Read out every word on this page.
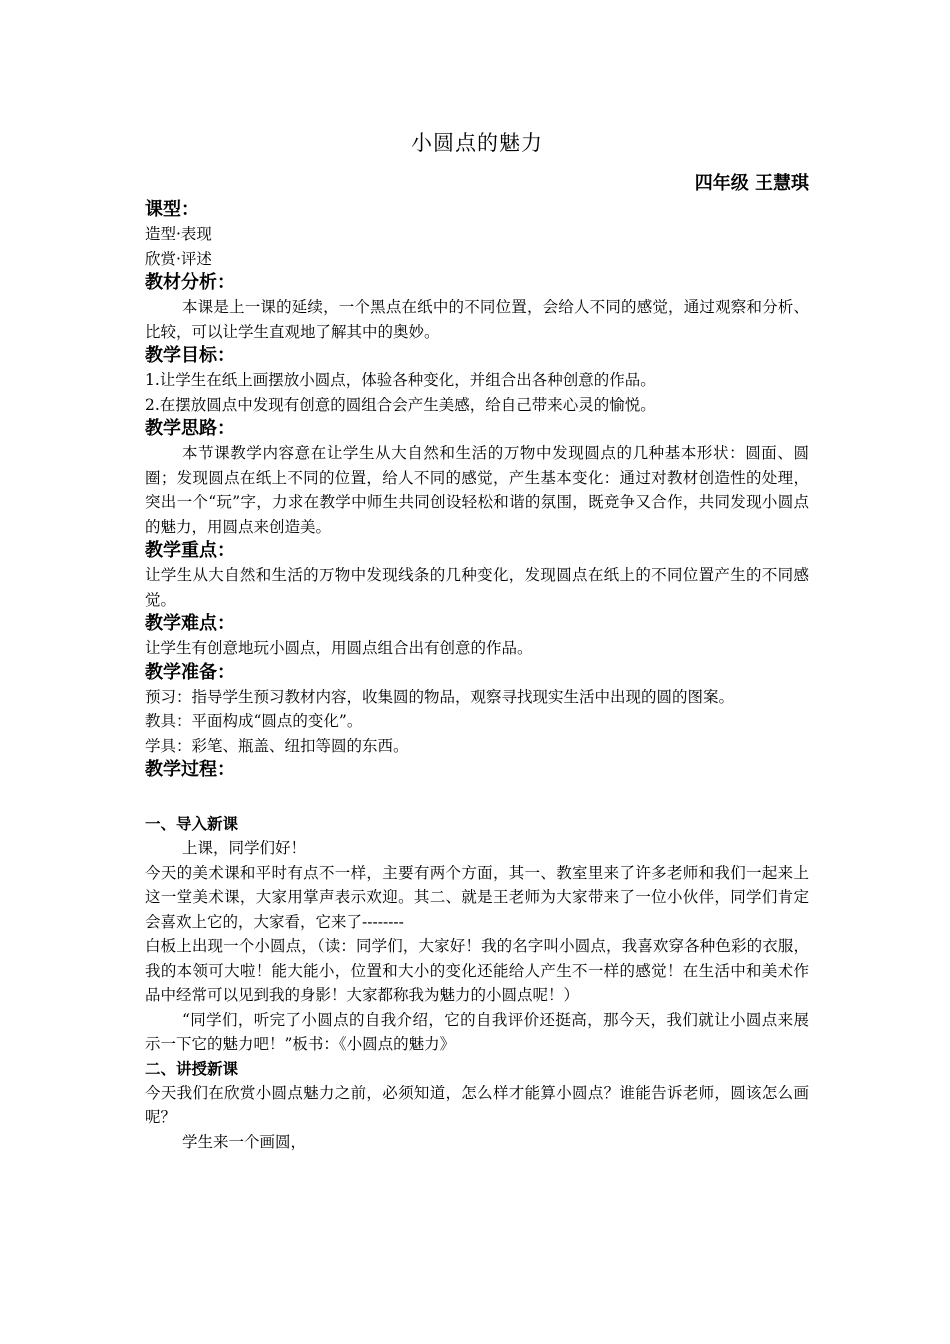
小圆点的魅力
四年级 王慧琪
课型：
造型·表现
欣赏·评述
教材分析：
本课是上一课的延续，一个黑点在纸中的不同位置，会给人不同的感觉，通过观察和分析、比较，可以让学生直观地了解其中的奥妙。
教学目标：
1.让学生在纸上画摆放小圆点，体验各种变化，并组合出各种创意的作品。
2.在摆放圆点中发现有创意的圆组合会产生美感，给自己带来心灵的愉悦。
教学思路：
本节课教学内容意在让学生从大自然和生活的万物中发现圆点的几种基本形状：圆面、圆圈；发现圆点在纸上不同的位置，给人不同的感觉，产生基本变化：通过对教材创造性的处理，突出一个“玩”字，力求在教学中师生共同创设轻松和谐的氛围，既竞争又合作，共同发现小圆点的魅力，用圆点来创造美。
教学重点：
让学生从大自然和生活的万物中发现线条的几种变化，发现圆点在纸上的不同位置产生的不同感觉。
教学难点：
让学生有创意地玩小圆点，用圆点组合出有创意的作品。
教学准备：
预习：指导学生预习教材内容，收集圆的物品，观察寻找现实生活中出现的圆的图案。
教具：平面构成“圆点的变化”。
学具：彩笔、瓶盖、纽扣等圆的东西。
教学过程：
一、导入新课
上课，同学们好！
今天的美术课和平时有点不一样，主要有两个方面，其一、教室里来了许多老师和我们一起来上这一堂美术课，大家用掌声表示欢迎。其二、就是王老师为大家带来了一位小伙伴，同学们肯定会喜欢上它的，大家看，它来了--------
白板上出现一个小圆点，（读：同学们，大家好！我的名字叫小圆点，我喜欢穿各种色彩的衣服，我的本领可大啦！能大能小，位置和大小的变化还能给人产生不一样的感觉！在生活中和美术作品中经常可以见到我的身影！大家都称我为魅力的小圆点呢！）
“同学们，听完了小圆点的自我介绍，它的自我评价还挺高，那今天，我们就让小圆点来展示一下它的魅力吧！”板书：《小圆点的魅力》
二、讲授新课
今天我们在欣赏小圆点魅力之前，必须知道，怎么样才能算小圆点？谁能告诉老师，圆该怎么画呢？
学生来一个画圆，
